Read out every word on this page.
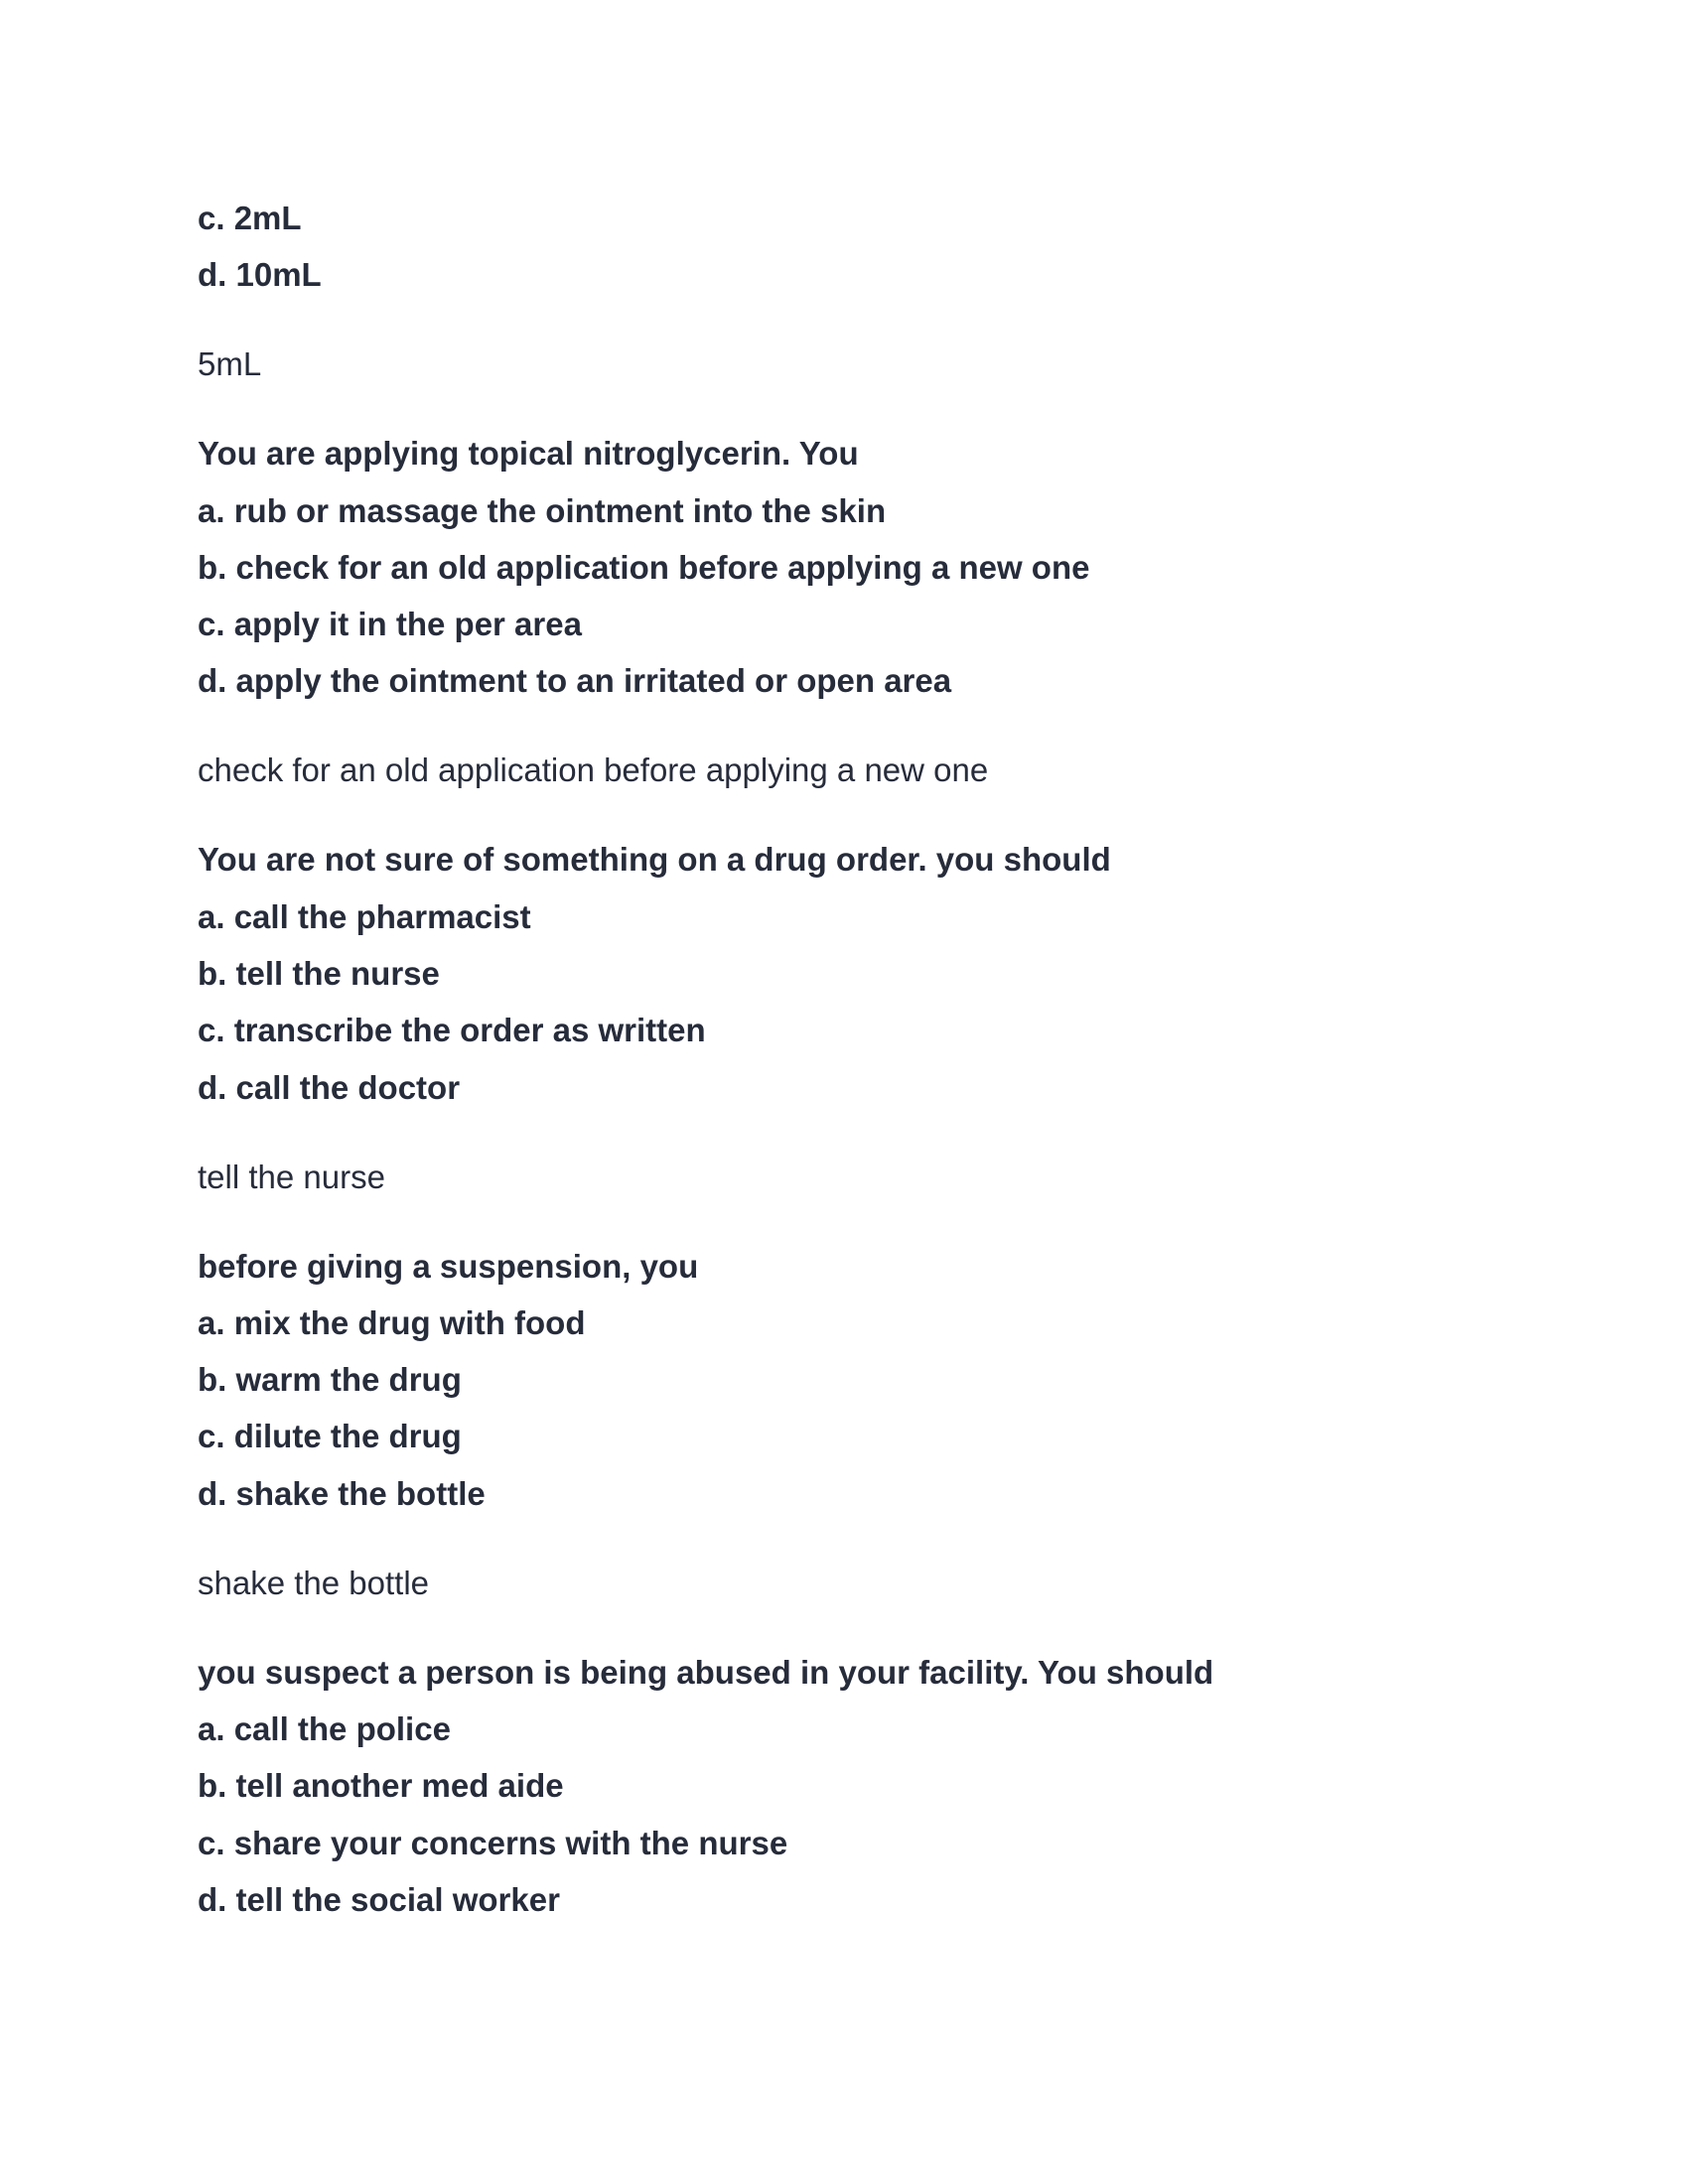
c. 2mL
d. 10mL
5mL
You are applying topical nitroglycerin. You
a. rub or massage the ointment into the skin
b. check for an old application before applying a new one
c. apply it in the per area
d. apply the ointment to an irritated or open area
check for an old application before applying a new one
You are not sure of something on a drug order. you should
a. call the pharmacist
b. tell the nurse
c. transcribe the order as written
d. call the doctor
tell the nurse
before giving a suspension, you
a. mix the drug with food
b. warm the drug
c. dilute the drug
d. shake the bottle
shake the bottle
you suspect a person is being abused in your facility. You should
a. call the police
b. tell another med aide
c. share your concerns with the nurse
d. tell the social worker
